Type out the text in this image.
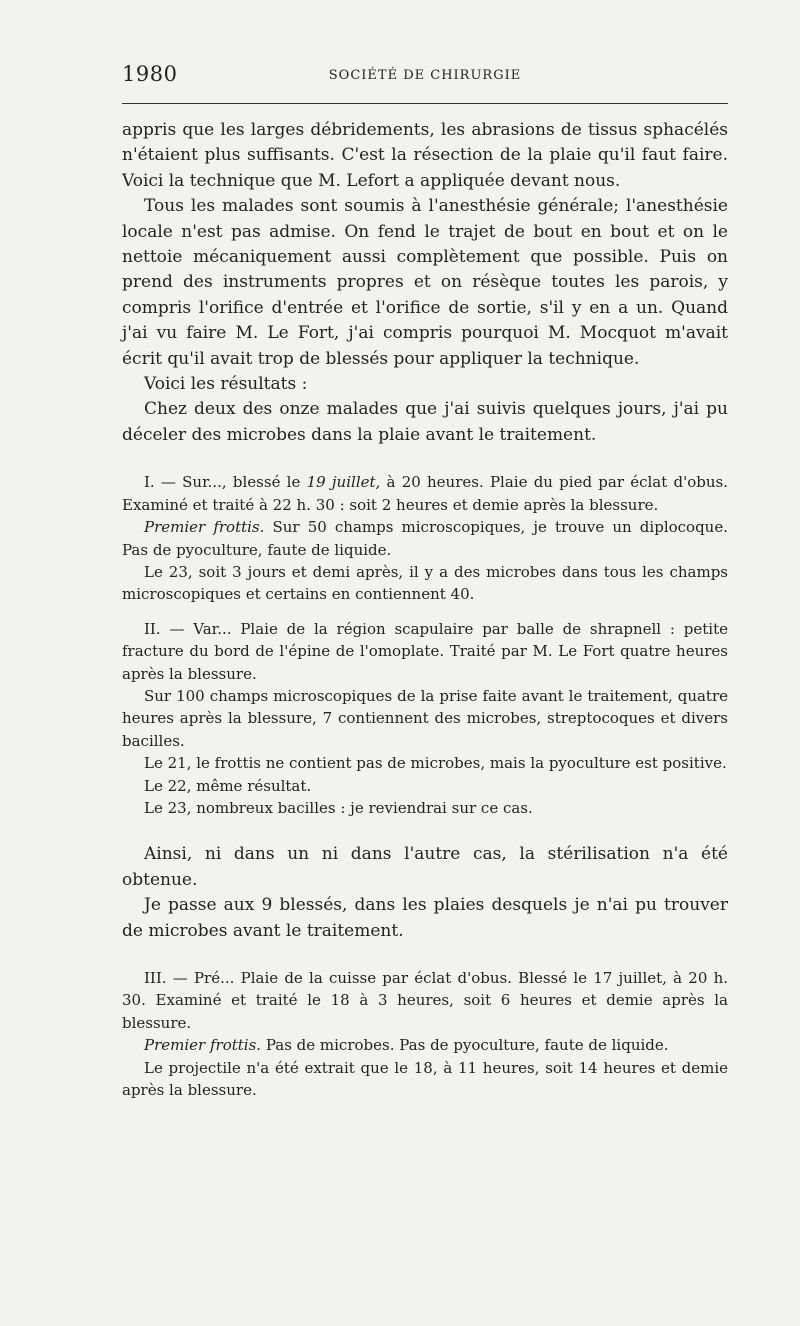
1980	SOCIÉTÉ DE CHIRURGIE

appris que les larges débridements, les abrasions de tissus sphacélés n'étaient plus suffisants. C'est la résection de la plaie qu'il faut faire. Voici la technique que M. Lefort a appliquée devant nous.

Tous les malades sont soumis à l'anesthésie générale; l'anesthésie locale n'est pas admise. On fend le trajet de bout en bout et on le nettoie mécaniquement aussi complètement que possible. Puis on prend des instruments propres et on résèque toutes les parois, y compris l'orifice d'entrée et l'orifice de sortie, s'il y en a un. Quand j'ai vu faire M. Le Fort, j'ai compris pourquoi M. Mocquot m'avait écrit qu'il avait trop de blessés pour appliquer la technique.

Voici les résultats :

Chez deux des onze malades que j'ai suivis quelques jours, j'ai pu déceler des microbes dans la plaie avant le traitement.

I. — Sur..., blessé le 19 juillet, à 20 heures. Plaie du pied par éclat d'obus. Examiné et traité à 22 h. 30 : soit 2 heures et demie après la blessure.

Premier frottis. Sur 50 champs microscopiques, je trouve un diplocoque. Pas de pyoculture, faute de liquide.

Le 23, soit 3 jours et demi après, il y a des microbes dans tous les champs microscopiques et certains en contiennent 40.

II. — Var... Plaie de la région scapulaire par balle de shrapnell : petite fracture du bord de l'épine de l'omoplate. Traité par M. Le Fort quatre heures après la blessure.

Sur 100 champs microscopiques de la prise faite avant le traitement, quatre heures après la blessure, 7 contiennent des microbes, streptocoques et divers bacilles.

Le 21, le frottis ne contient pas de microbes, mais la pyoculture est positive.

Le 22, même résultat.

Le 23, nombreux bacilles : je reviendrai sur ce cas.

Ainsi, ni dans un ni dans l'autre cas, la stérilisation n'a été obtenue.

Je passe aux 9 blessés, dans les plaies desquels je n'ai pu trouver de microbes avant le traitement.

III. — Pré... Plaie de la cuisse par éclat d'obus. Blessé le 17 juillet, à 20 h. 30. Examiné et traité le 18 à 3 heures, soit 6 heures et demie après la blessure.

Premier frottis. Pas de microbes. Pas de pyoculture, faute de liquide.

Le projectile n'a été extrait que le 18, à 11 heures, soit 14 heures et demie après la blessure.
